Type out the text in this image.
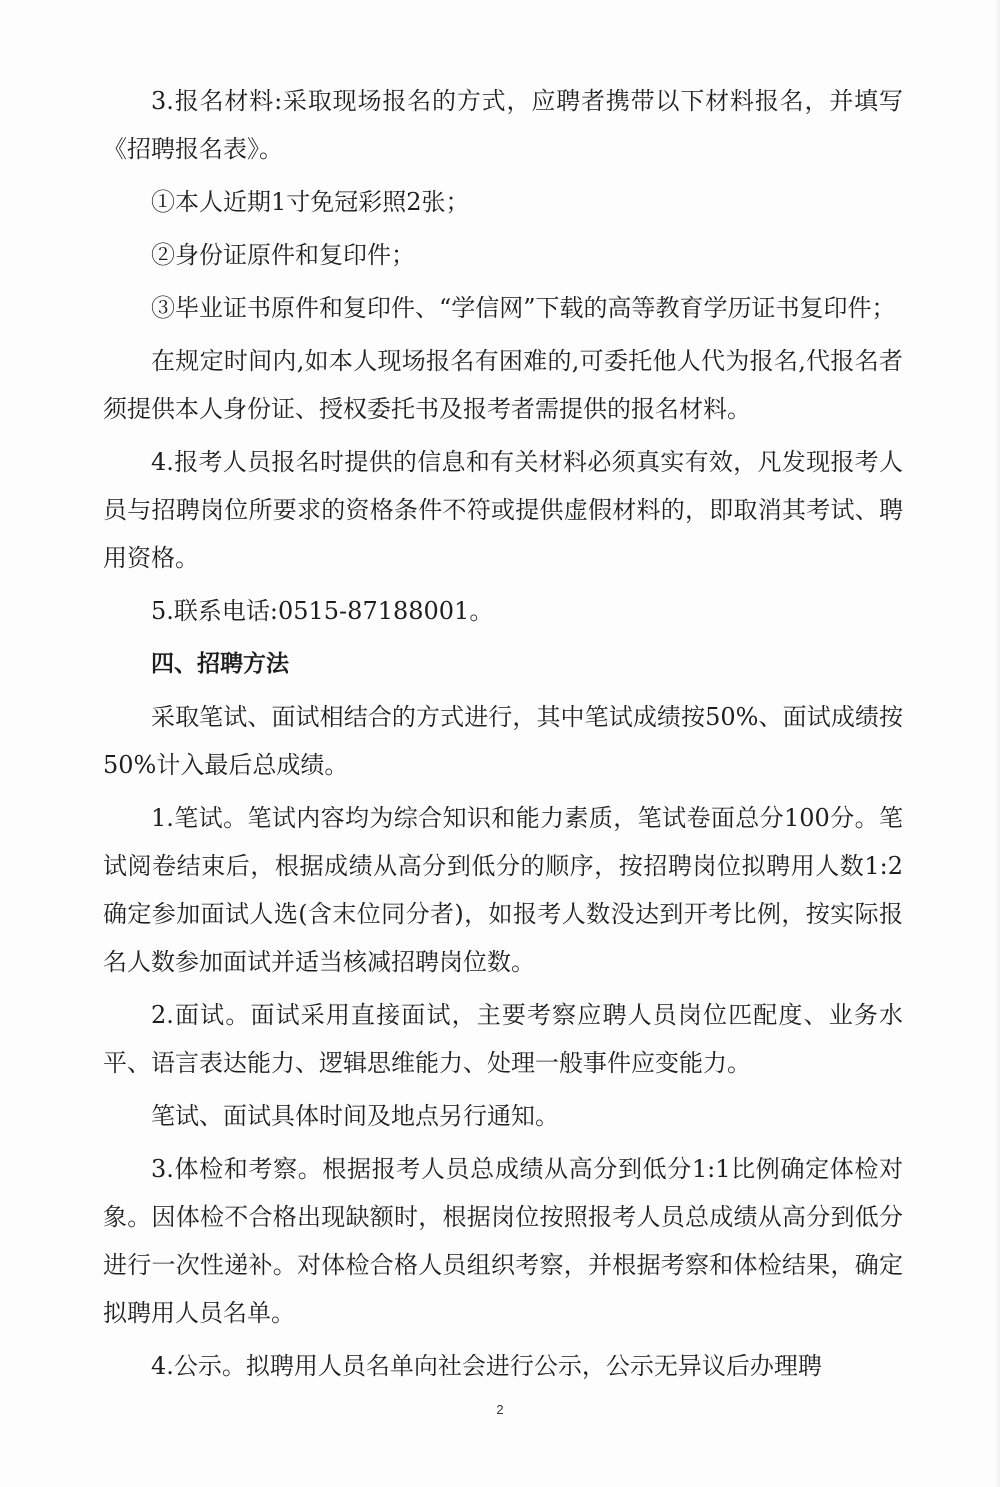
3.报名材料:采取现场报名的方式，应聘者携带以下材料报名，并填写《招聘报名表》。

①本人近期1寸免冠彩照2张；

②身份证原件和复印件；

③毕业证书原件和复印件、“学信网”下载的高等教育学历证书复印件；

在规定时间内,如本人现场报名有困难的,可委托他人代为报名,代报名者须提供本人身份证、授权委托书及报考者需提供的报名材料。

4.报考人员报名时提供的信息和有关材料必须真实有效，凡发现报考人员与招聘岗位所要求的资格条件不符或提供虚假材料的，即取消其考试、聘用资格。

5.联系电话:0515-87188001。

四、招聘方法

采取笔试、面试相结合的方式进行，其中笔试成绩按50%、面试成绩按50%计入最后总成绩。

1.笔试。笔试内容均为综合知识和能力素质，笔试卷面总分100分。笔试阅卷结束后，根据成绩从高分到低分的顺序，按招聘岗位拟聘用人数1:2确定参加面试人选(含末位同分者)，如报考人数没达到开考比例，按实际报名人数参加面试并适当核减招聘岗位数。

2.面试。面试采用直接面试，主要考察应聘人员岗位匹配度、业务水平、语言表达能力、逻辑思维能力、处理一般事件应变能力。

笔试、面试具体时间及地点另行通知。

3.体检和考察。根据报考人员总成绩从高分到低分1:1比例确定体检对象。因体检不合格出现缺额时，根据岗位按照报考人员总成绩从高分到低分进行一次性递补。对体检合格人员组织考察，并根据考察和体检结果，确定拟聘用人员名单。

4.公示。拟聘用人员名单向社会进行公示，公示无异议后办理聘

2
